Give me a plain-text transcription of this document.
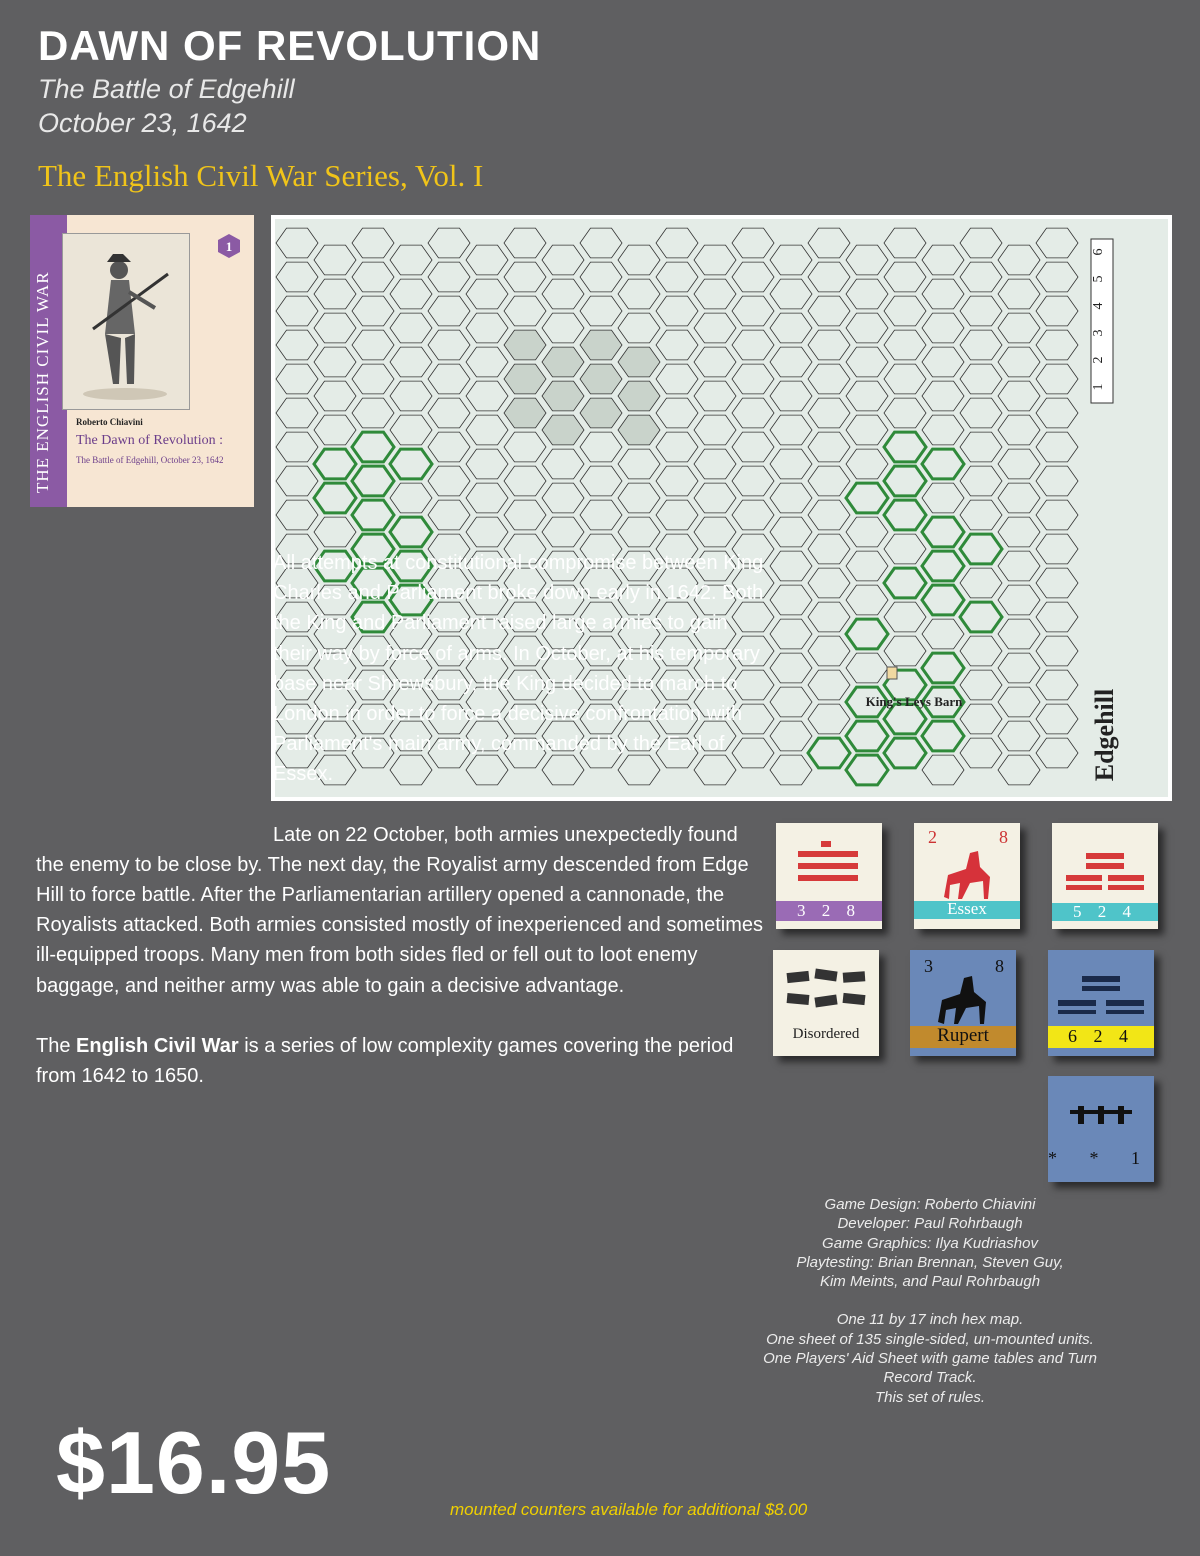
DAWN OF REVOLUTION
The Battle of Edgehill
October 23, 1642
The English Civil War Series, Vol. I
THE ENGLISH CIVIL WAR
1
Roberto Chiavini
The Dawn of Revolution :
The Battle of Edgehill, October 23, 1642
1
2
3
4
5
6
Edgehill
King's Leys Barn

All attempts at constitutional compromise between King Charles and Parliament broke down early in 1642. Both the King and Parliament raised large armies to gain their way by force of arms. In October, at his temporary base near Shrewsbury, the King decided to march to London in order to force a decisive confrontation with Parliament's main army, commanded by the Earl of Essex.

Late on 22 October, both armies unexpectedly found the enemy to be close by. The next day, the Royalist army descended from Edge Hill to force battle. After the Parliamentarian artillery opened a cannonade, the Royalists attacked. Both armies consisted mostly of inexperienced and sometimes ill-equipped troops. Many men from both sides fled or fell out to loot enemy baggage, and neither army was able to gain a decisive advantage.

The English Civil War is a series of low complexity games covering the period from 1642 to 1650.

3 2 8
2	8
Essex	5 2 4
Disordered
3	8
Rupert	6 2 4
* * 1
Game Design: Roberto Chiavini
Developer: Paul Rohrbaugh
Game Graphics: Ilya Kudriashov
Playtesting: Brian Brennan, Steven Guy,
Kim Meints, and Paul Rohrbaugh
One 11 by 17 inch hex map.
One sheet of 135 single-sided, un-mounted units.
One Players' Aid Sheet with game tables and Turn
Record Track.
This set of rules.
$16.95	mounted counters available for additional $8.00
